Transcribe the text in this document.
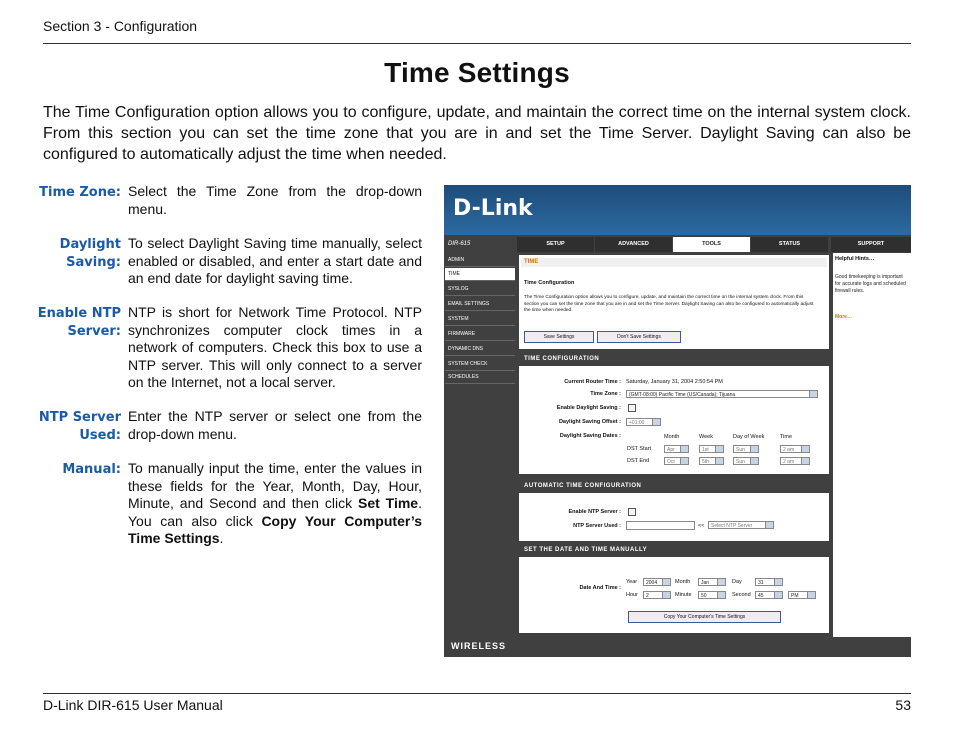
Section 3 - Configuration
Time Settings
The Time Configuration option allows you to configure, update, and maintain the correct time on the internal system clock. From this section you can set the time zone that you are in and set the Time Server. Daylight Saving can also be configured to automatically adjust the time when needed.
Time Zone: Select the Time Zone from the drop-down menu.
Daylight Saving:
To select Daylight Saving time manually, select enabled or disabled, and enter a start date and an end date for daylight saving time.
Enable NTP
Server:
NTP is short for Network Time Protocol. NTP synchronizes computer clock times in a network of computers. Check this box to use a NTP server. This will only connect to a server on the Internet, not a local server.
NTP Server Used:
Enter the NTP server or select one from the drop-down menu.
Manual: To manually input the time, enter the values in these fields for the Year, Month, Day, Hour, Minute, and Second and then click Set Time. You can also click Copy Your Computer’s Time Settings.
D-Link
DIR-615	SETUP	ADVANCED	TOOLS	STATUS	SUPPORT
ADMIN
TIME
SYSLOG
EMAIL SETTINGS
SYSTEM
FIRMWARE
DYNAMIC DNS
SYSTEM CHECK
SCHEDULES
TIME
Time Configuration
The Time Configuration option allows you to configure, update, and maintain the correct time on the internal system clock. From this section you can set the time zone that you are in and set the Time Server. Daylight Saving can also be configured to automatically adjust the time when needed.
Save Settings	Don't Save Settings
TIME CONFIGURATION
Current Router Time : Saturday, January 31, 2004 2:50:54 PM
Time Zone :	(GMT-08:00) Pacific Time (US/Canada); Tijuana
Enable Daylight Saving :
Daylight Saving Offset :	+01:00
Daylight Saving Dates :	Month	Week	Day of Week	Time
DST Start	Apr	1st	Sun	2 am
DST End	Oct	5th	Sun	2 am
AUTOMATIC TIME CONFIGURATION
Enable NTP Server :
NTP Server Used :	<<	Select NTP Server
SET THE DATE AND TIME MANUALLY
Date And Time :
Year	2004	Month	Jan	Day	31
Hour	2	Minute	50	Second	45	PM
Copy Your Computer's Time Settings
Helpful Hints…
Good timekeeping is important for accurate logs and scheduled firewall rules.
More…
WIRELESS
D-Link DIR-615 User Manual	53
